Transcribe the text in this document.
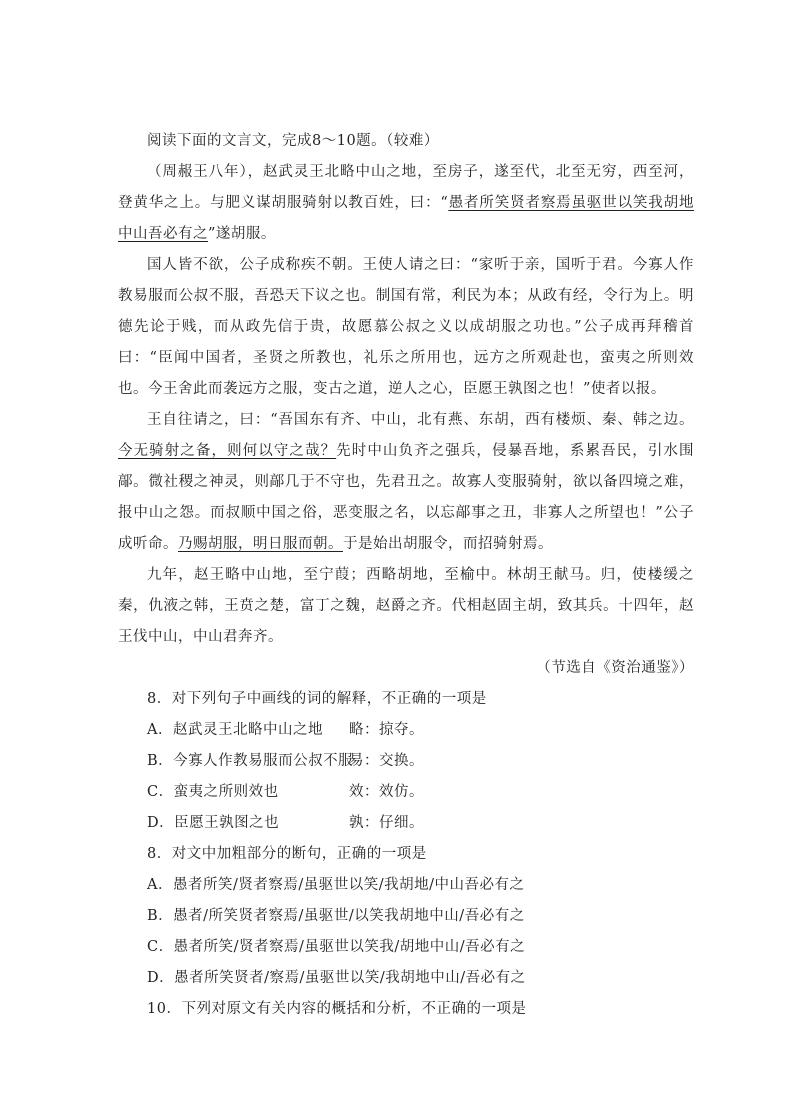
阅读下面的文言文，完成8～10题。（较难）

（周赧王八年），赵武灵王北略中山之地，至房子，遂至代，北至无穷，西至河，登黄华之上。与肥义谋胡服骑射以教百姓，曰：“愚者所笑贤者察焉虽驱世以笑我胡地中山吾必有之”遂胡服。

国人皆不欲，公子成称疾不朝。王使人请之曰：“家听于亲，国听于君。今寡人作教易服而公叔不服，吾恐天下议之也。制国有常，利民为本；从政有经，令行为上。明德先论于贱，而从政先信于贵，故愿慕公叔之义以成胡服之功也。”公子成再拜稽首曰：“臣闻中国者，圣贤之所教也，礼乐之所用也，远方之所观赴也，蛮夷之所则效也。今王舍此而袭远方之服，变古之道，逆人之心，臣愿王孰图之也！”使者以报。

王自往请之，曰：“吾国东有齐、中山，北有燕、东胡，西有楼烦、秦、韩之边。今无骑射之备，则何以守之哉？先时中山负齐之强兵，侵暴吾地，系累吾民，引水围鄗。微社稷之神灵，则鄗几于不守也，先君丑之。故寡人变服骑射，欲以备四境之难，报中山之怨。而叔顺中国之俗，恶变服之名，以忘鄗事之丑，非寡人之所望也！”公子成听命。乃赐胡服，明日服而朝。于是始出胡服令，而招骑射焉。

九年，赵王略中山地，至宁葭；西略胡地，至榆中。林胡王献马。归，使楼缓之秦，仇液之韩，王贲之楚，富丁之魏，赵爵之齐。代相赵固主胡，致其兵。十四年，赵王伐中山，中山君奔齐。

（节选自《资治通鉴》）

8．对下列句子中画线的词的解释，不正确的一项是

A．赵武灵王北略中山之地 略：掠夺。

B．今寡人作教易服而公叔不服易：交换。

C．蛮夷之所则效也	效：效仿。

D．臣愿王孰图之也	孰：仔细。

8．对文中加粗部分的断句，正确的一项是

A．愚者所笑/贤者察焉/虽驱世以笑/我胡地/中山吾必有之

B．愚者/所笑贤者察焉/虽驱世/以笑我胡地中山/吾必有之

C．愚者所笑/贤者察焉/虽驱世以笑我/胡地中山/吾必有之

D．愚者所笑贤者/察焉/虽驱世以笑/我胡地中山/吾必有之

10．下列对原文有关内容的概括和分析，不正确的一项是
